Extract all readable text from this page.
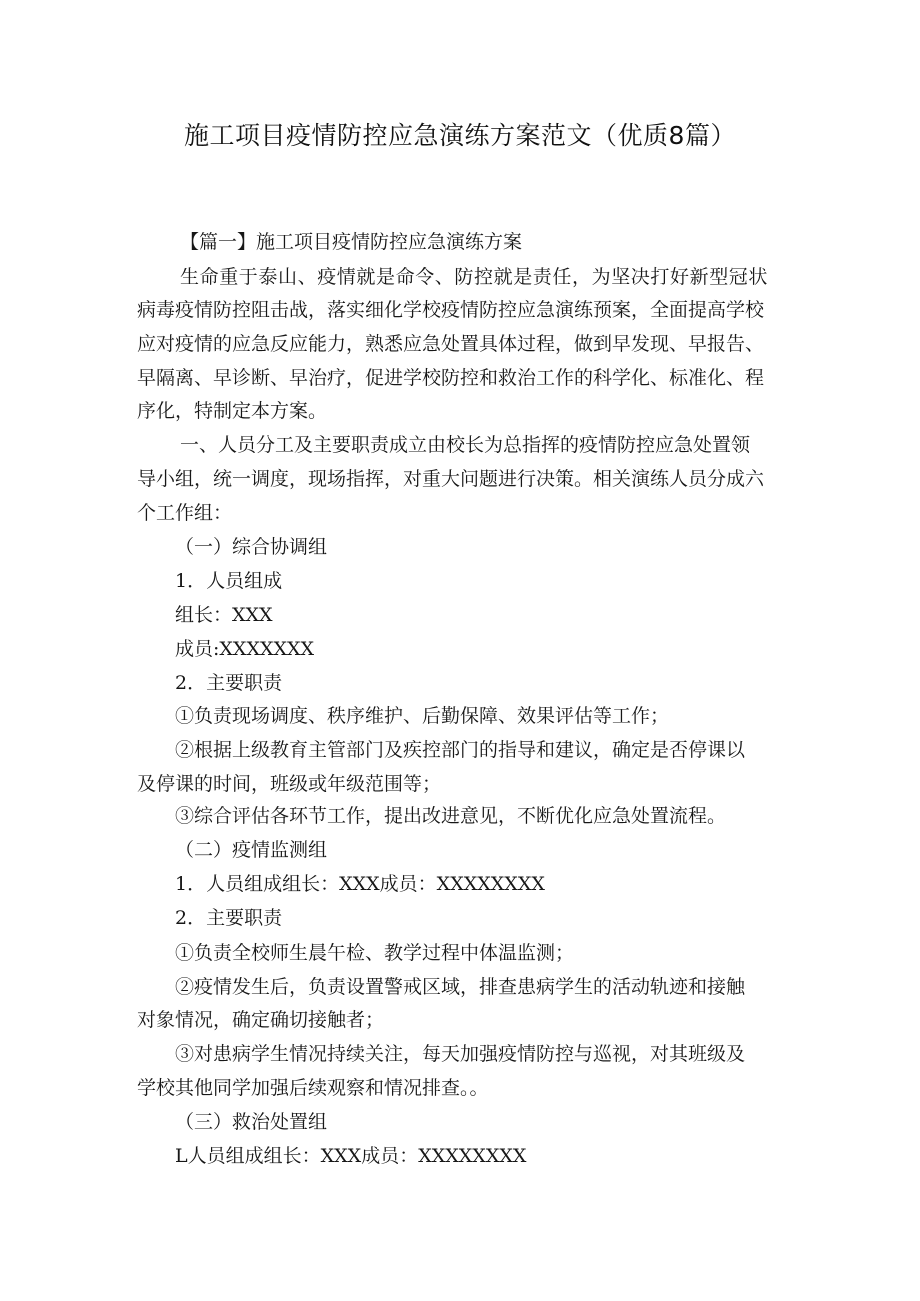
施工项目疫情防控应急演练方案范文（优质8篇）
【篇一】施工项目疫情防控应急演练方案
生命重于泰山、疫情就是命令、防控就是责任，为坚决打好新型冠状
病毒疫情防控阻击战，落实细化学校疫情防控应急演练预案，全面提高学校
应对疫情的应急反应能力，熟悉应急处置具体过程，做到早发现、早报告、
早隔离、早诊断、早治疗，促进学校防控和救治工作的科学化、标准化、程
序化，特制定本方案。
一、人员分工及主要职责成立由校长为总指挥的疫情防控应急处置领
导小组，统一调度，现场指挥，对重大问题进行决策。相关演练人员分成六
个工作组：
（一）综合协调组
1．人员组成
组长：XXX
成员:XXXXXXX
2．主要职责
①负责现场调度、秩序维护、后勤保障、效果评估等工作；
②根据上级教育主管部门及疾控部门的指导和建议，确定是否停课以
及停课的时间，班级或年级范围等；
③综合评估各环节工作，提出改进意见，不断优化应急处置流程。
（二）疫情监测组
1．人员组成组长：XXX成员：XXXXXXXX
2．主要职责
①负责全校师生晨午检、教学过程中体温监测；
②疫情发生后，负责设置警戒区域，排查患病学生的活动轨迹和接触
对象情况，确定确切接触者；
③对患病学生情况持续关注，每天加强疫情防控与巡视，对其班级及
学校其他同学加强后续观察和情况排查。。
（三）救治处置组
L人员组成组长：XXX成员：XXXXXXXX
